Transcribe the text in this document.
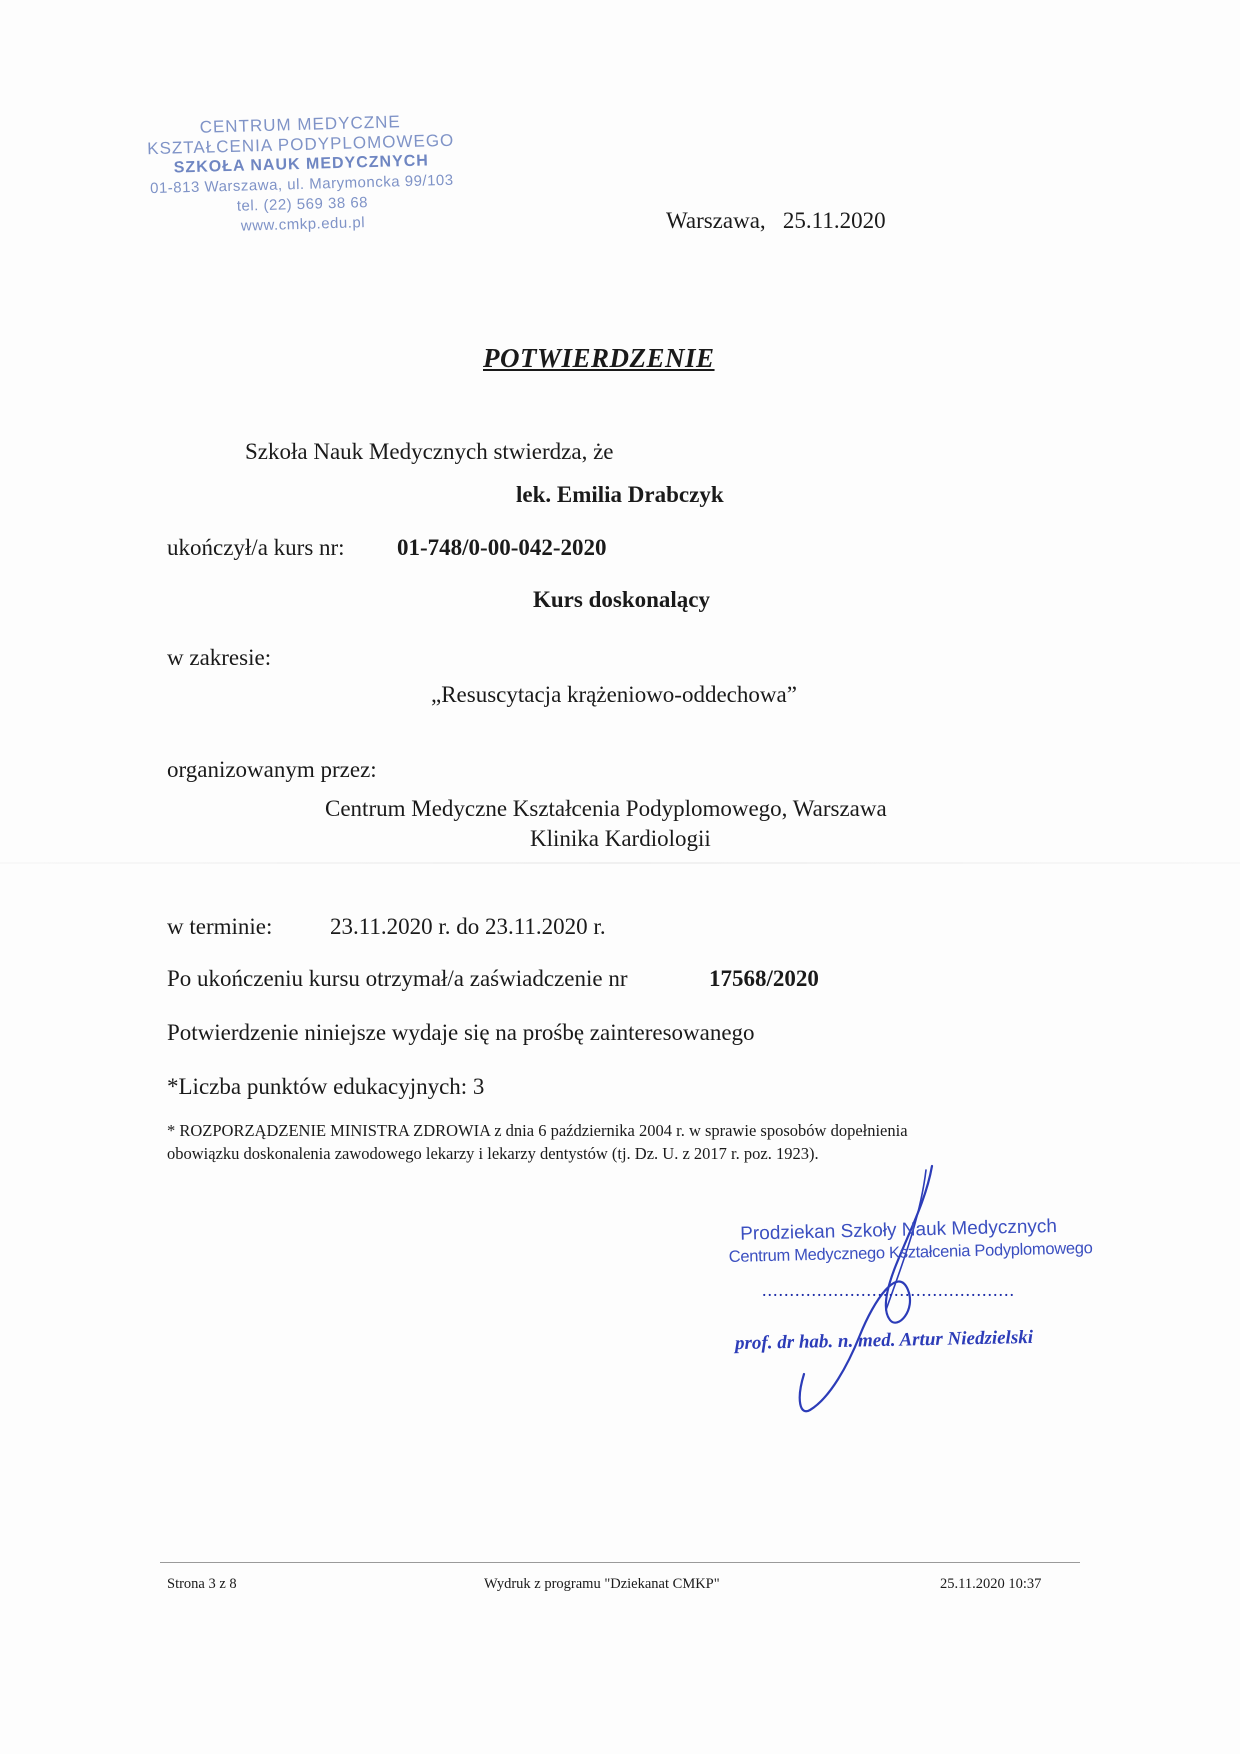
CENTRUM MEDYCZNE
KSZTAŁCENIA PODYPLOMOWEGO
SZKOŁA NAUK MEDYCZNYCH
01-813 Warszawa, ul. Marymoncka 99/103
tel. (22) 569 38 68
www.cmkp.edu.pl	Warszawa, 25.11.2020
POTWIERDZENIE
Szkoła Nauk Medycznych stwierdza, że
lek. Emilia Drabczyk
ukończył/a kurs nr: 01-748/0-00-042-2020
Kurs doskonalący
w zakresie:
„Resuscytacja krążeniowo-oddechowa”
organizowanym przez:
Centrum Medyczne Kształcenia Podyplomowego, Warszawa
Klinika Kardiologii
w terminie:	23.11.2020 r. do 23.11.2020 r.
Po ukończeniu kursu otrzymał/a zaświadczenie nr	17568/2020
Potwierdzenie niniejsze wydaje się na prośbę zainteresowanego
*Liczba punktów edukacyjnych: 3
* ROZPORZĄDZENIE MINISTRA ZDROWIA z dnia 6 października 2004 r. w sprawie sposobów dopełnienia
obowiązku doskonalenia zawodowego lekarzy i lekarzy dentystów (tj. Dz. U. z 2017 r. poz. 1923).
Prodziekan Szkoły Nauk Medycznych
Centrum Medycznego Kształcenia Podyplomowego
..............................................
prof. dr hab. n. med. Artur Niedzielski
Strona 3 z 8	Wydruk z programu "Dziekanat CMKP"	25.11.2020 10:37
